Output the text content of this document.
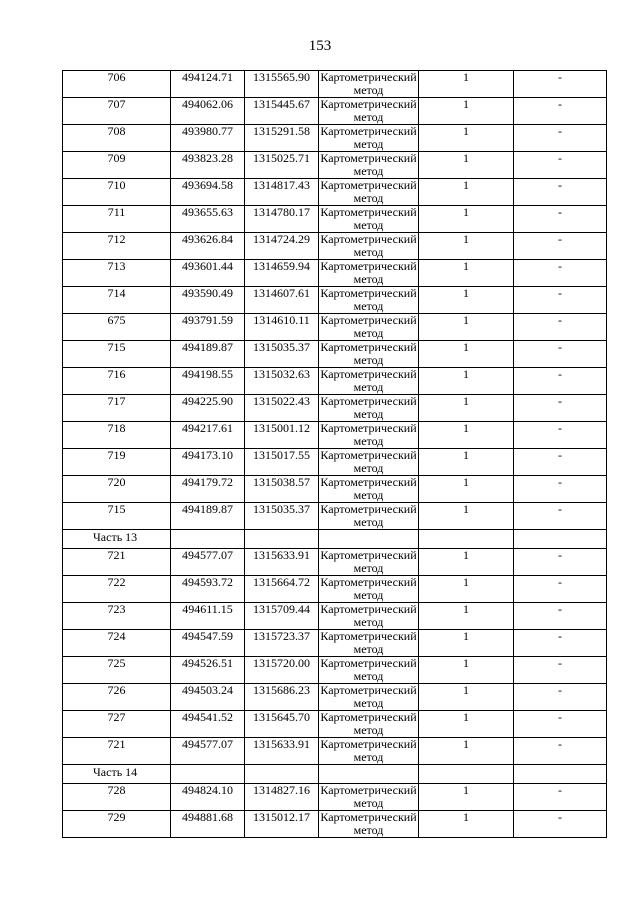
153
706	494124.71	1315565.90	Картометрический метод	1	-
707	494062.06	1315445.67	Картометрический метод	1	-
708	493980.77	1315291.58	Картометрический метод	1	-
709	493823.28	1315025.71	Картометрический метод	1	-
710	493694.58	1314817.43	Картометрический метод	1	-
711	493655.63	1314780.17	Картометрический метод	1	-
712	493626.84	1314724.29	Картометрический метод	1	-
713	493601.44	1314659.94	Картометрический метод	1	-
714	493590.49	1314607.61	Картометрический метод	1	-
675	493791.59	1314610.11	Картометрический метод	1	-
715	494189.87	1315035.37	Картометрический метод	1	-
716	494198.55	1315032.63	Картометрический метод	1	-
717	494225.90	1315022.43	Картометрический метод	1	-
718	494217.61	1315001.12	Картометрический метод	1	-
719	494173.10	1315017.55	Картометрический метод	1	-
720	494179.72	1315038.57	Картометрический метод	1	-
715	494189.87	1315035.37	Картометрический метод	1	-
Часть 13					
721	494577.07	1315633.91	Картометрический метод	1	-
722	494593.72	1315664.72	Картометрический метод	1	-
723	494611.15	1315709.44	Картометрический метод	1	-
724	494547.59	1315723.37	Картометрический метод	1	-
725	494526.51	1315720.00	Картометрический метод	1	-
726	494503.24	1315686.23	Картометрический метод	1	-
727	494541.52	1315645.70	Картометрический метод	1	-
721	494577.07	1315633.91	Картометрический метод	1	-
Часть 14					
728	494824.10	1314827.16	Картометрический метод	1	-
729	494881.68	1315012.17	Картометрический метод	1	-
